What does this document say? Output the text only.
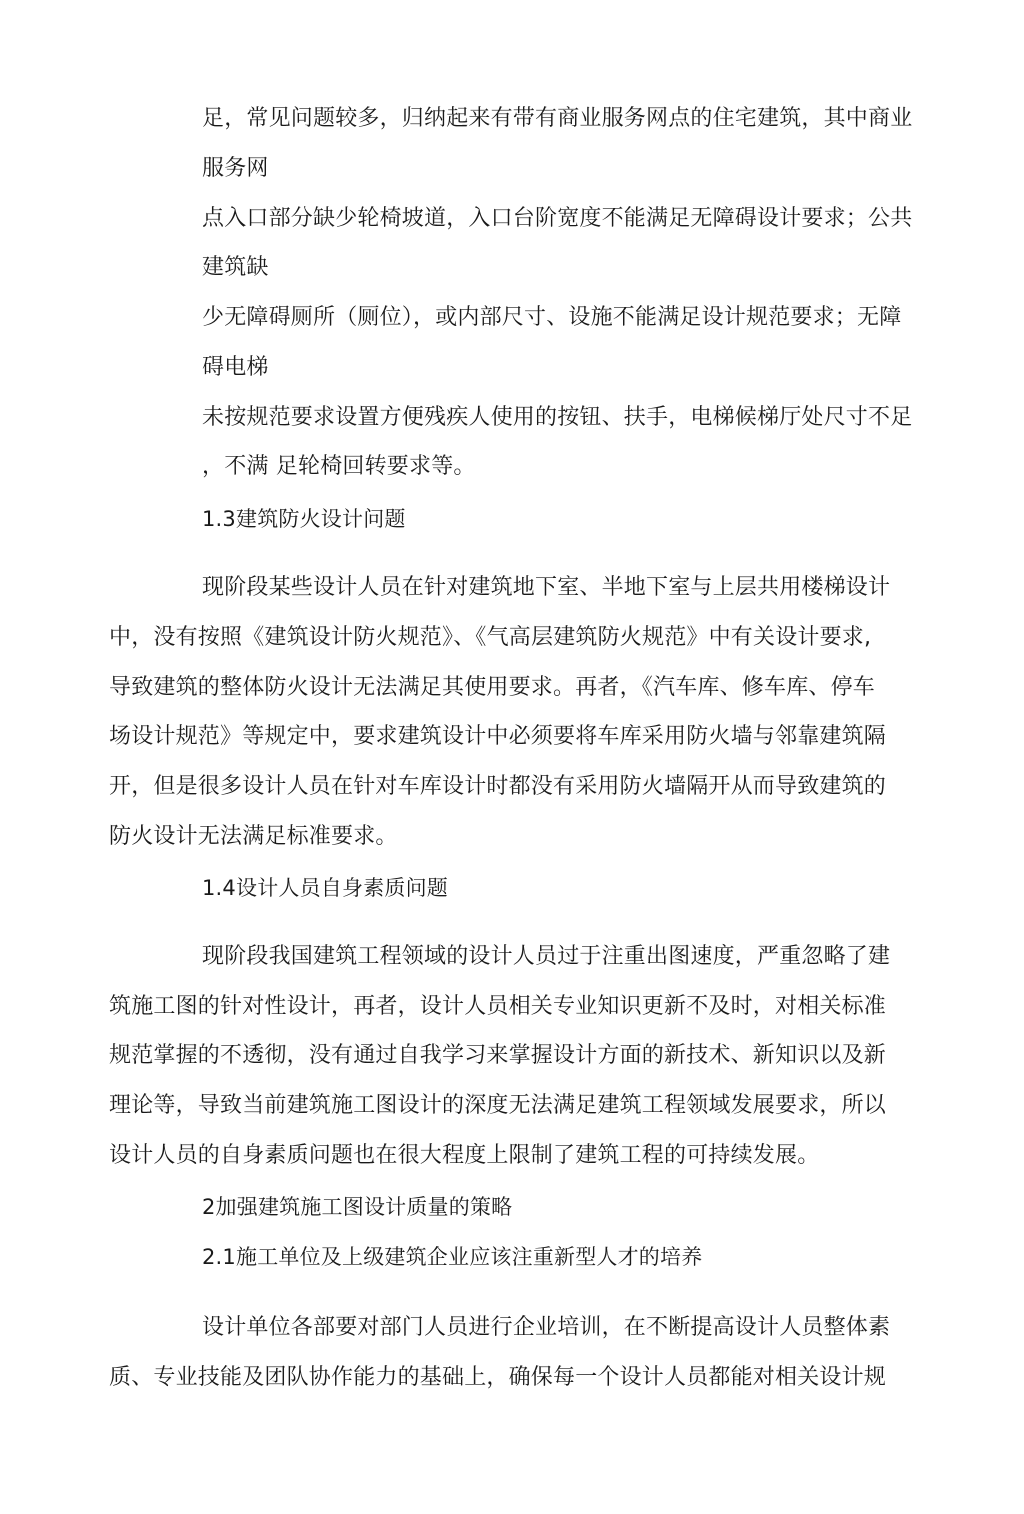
足，常见问题较多，归纳起来有带有商业服务网点的住宅建筑，其中商业
服务网
点入口部分缺少轮椅坡道，入口台阶宽度不能满足无障碍设计要求；公共
建筑缺
少无障碍厕所（厕位），或内部尺寸、设施不能满足设计规范要求；无障
碍电梯
未按规范要求设置方便残疾人使用的按钮、扶手，电梯候梯厅处尺寸不足
，不满 足轮椅回转要求等。
1.3建筑防火设计问题
现阶段某些设计人员在针对建筑地下室、半地下室与上层共用楼梯设计
中，没有按照《建筑设计防火规范》、《气高层建筑防火规范》中有关设计要求,
导致建筑的整体防火设计无法满足其使用要求。再者，《汽车库、修车库、停车
场设计规范》等规定中，要求建筑设计中必须要将车库采用防火墙与邻靠建筑隔
开，但是很多设计人员在针对车库设计时都没有采用防火墙隔开从而导致建筑的
防火设计无法满足标准要求。
1.4设计人员自身素质问题
现阶段我国建筑工程领域的设计人员过于注重出图速度，严重忽略了建
筑施工图的针对性设计，再者，设计人员相关专业知识更新不及时，对相关标准
规范掌握的不透彻，没有通过自我学习来掌握设计方面的新技术、新知识以及新
理论等，导致当前建筑施工图设计的深度无法满足建筑工程领域发展要求，所以
设计人员的自身素质问题也在很大程度上限制了建筑工程的可持续发展。
2加强建筑施工图设计质量的策略
2.1施工单位及上级建筑企业应该注重新型人才的培养
设计单位各部要对部门人员进行企业培训，在不断提高设计人员整体素
质、专业技能及团队协作能力的基础上，确保每一个设计人员都能对相关设计规
